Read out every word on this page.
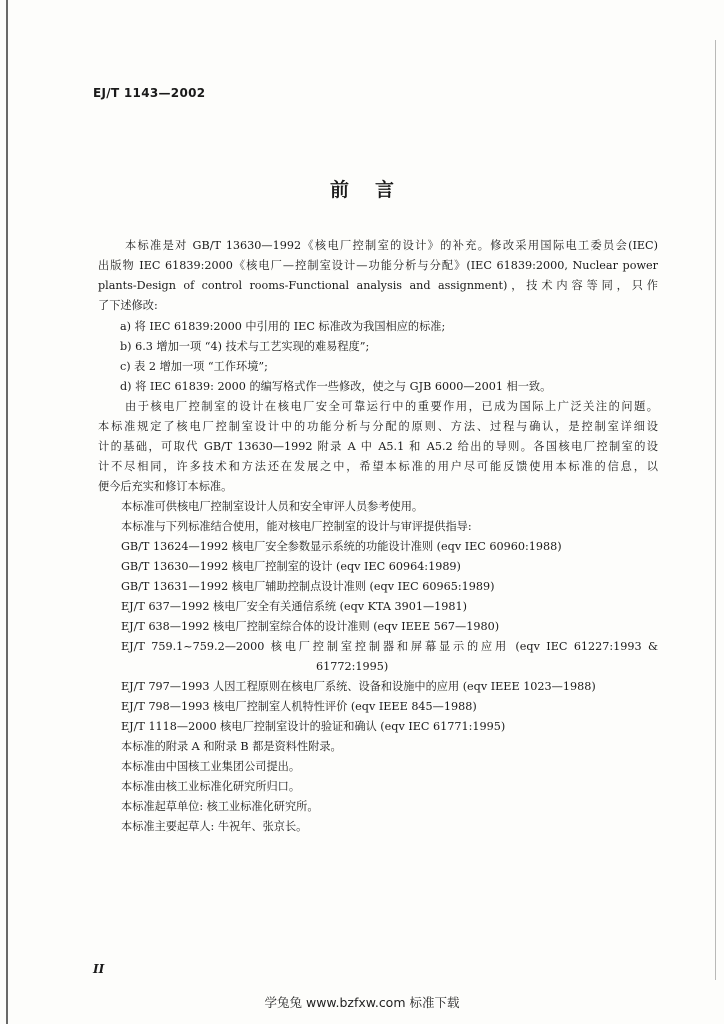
EJ/T 1143—2002
前言
本标准是对 GB/T 13630—1992《核电厂控制室的设计》的补充。修改采用国际电工委员会(IEC)
出版物 IEC 61839:2000《核电厂—控制室设计—功能分析与分配》(IEC 61839:2000, Nuclear power
plants-Design of control rooms-Functional analysis and assignment)，技术内容等同，只作
了下述修改:
a) 将 IEC 61839:2000 中引用的 IEC 标准改为我国相应的标准;
b) 6.3 增加一项 “4) 技术与工艺实现的难易程度”;
c) 表 2 增加一项 “工作环境”;
d) 将 IEC 61839: 2000 的编写格式作一些修改，使之与 GJB 6000—2001 相一致。
由于核电厂控制室的设计在核电厂安全可靠运行中的重要作用，已成为国际上广泛关注的问题。
本标准规定了核电厂控制室设计中的功能分析与分配的原则、方法、过程与确认，是控制室详细设
计的基础，可取代 GB/T 13630—1992 附录 A 中 A5.1 和 A5.2 给出的导则。各国核电厂控制室的设
计不尽相同，许多技术和方法还在发展之中，希望本标准的用户尽可能反馈使用本标准的信息，以
便今后充实和修订本标准。
本标准可供核电厂控制室设计人员和安全审评人员参考使用。
本标准与下列标准结合使用，能对核电厂控制室的设计与审评提供指导:
GB/T 13624—1992 核电厂安全参数显示系统的功能设计准则 (eqv IEC 60960:1988)
GB/T 13630—1992 核电厂控制室的设计 (eqv IEC 60964:1989)
GB/T 13631—1992 核电厂辅助控制点设计准则 (eqv IEC 60965:1989)
EJ/T 637—1992 核电厂安全有关通信系统 (eqv KTA 3901—1981)
EJ/T 638—1992 核电厂控制室综合体的设计准则 (eqv IEEE 567—1980)
EJ/T 759.1~759.2—2000 核电厂控制室控制器和屏幕显示的应用 (eqv IEC 61227:1993 &
61772:1995)
EJ/T 797—1993 人因工程原则在核电厂系统、设备和设施中的应用 (eqv IEEE 1023—1988)
EJ/T 798—1993 核电厂控制室人机特性评价 (eqv IEEE 845—1988)
EJ/T 1118—2000 核电厂控制室设计的验证和确认 (eqv IEC 61771:1995)
本标准的附录 A 和附录 B 都是资料性附录。
本标准由中国核工业集团公司提出。
本标准由核工业标准化研究所归口。
本标准起草单位: 核工业标准化研究所。
本标准主要起草人: 牛祝年、张京长。
II
学兔兔 www.bzfxw.com 标准下载
